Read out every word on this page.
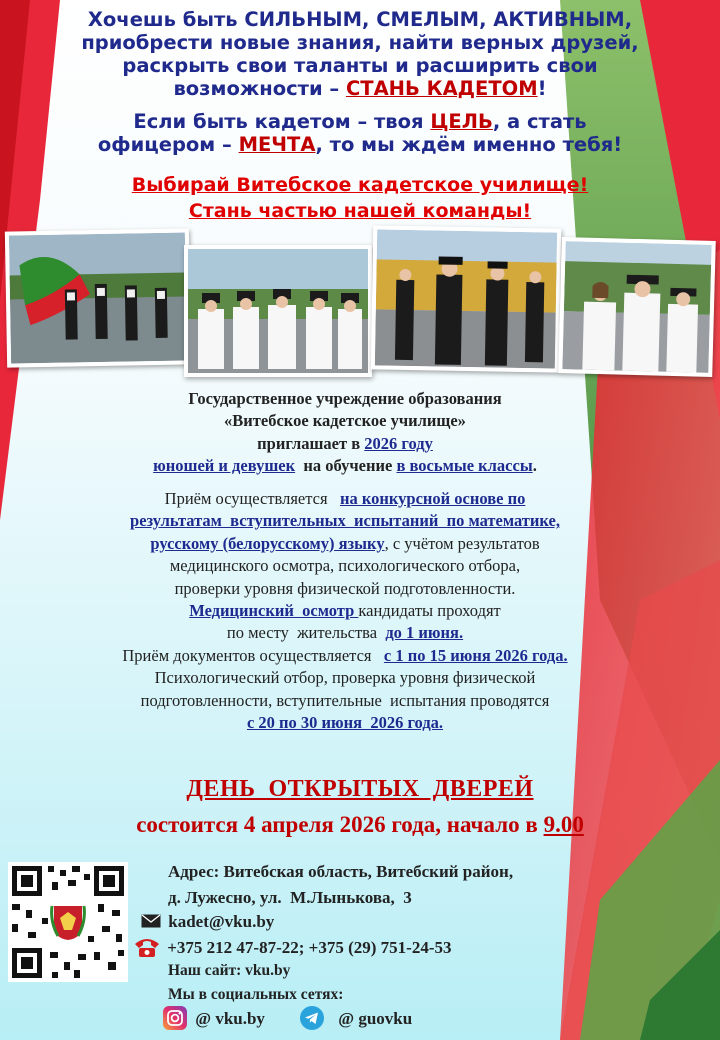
Хочешь быть СИЛЬНЫМ, СМЕЛЫМ, АКТИВНЫМ,
приобрести новые знания, найти верных друзей,
раскрыть свои таланты и расширить свои
возможности – СТАНЬ КАДЕТОМ!
Если быть кадетом – твоя ЦЕЛЬ, а стать
офицером – МЕЧТА, то мы ждём именно тебя!
Выбирай Витебское кадетское училище!
Стань частью нашей команды!
Государственное учреждение образования
«Витебское кадетское училище»
приглашает в 2026 году
юношей и девушек  на обучение в восьмые классы.
Приём осуществляется   на конкурсной основе по
результатам  вступительных  испытаний  по математике,
русскому (белорусскому) языку, с учётом результатов
медицинского осмотра, психологического отбора,
проверки уровня физической подготовленности.
Медицинский  осмотр кандидаты проходят
по месту  жительства  до 1 июня.
Приём документов осуществляется   с 1 по 15 июня 2026 года.
Психологический отбор, проверка уровня физической
подготовленности, вступительные  испытания проводятся
с 20 по 30 июня  2026 года.
ДЕНЬ  ОТКРЫТЫХ  ДВЕРЕЙ
состоится 4 апреля 2026 года, начало в 9.00
Адрес: Витебская область, Витебский район,
д. Лужесно, ул.  М.Лынькова,  3
kadet@vku.by
+375 212 47-87-22; +375 (29) 751-24-53
Наш сайт: vku.by
Мы в социальных сетях:
@ vku.by	@ guovku
